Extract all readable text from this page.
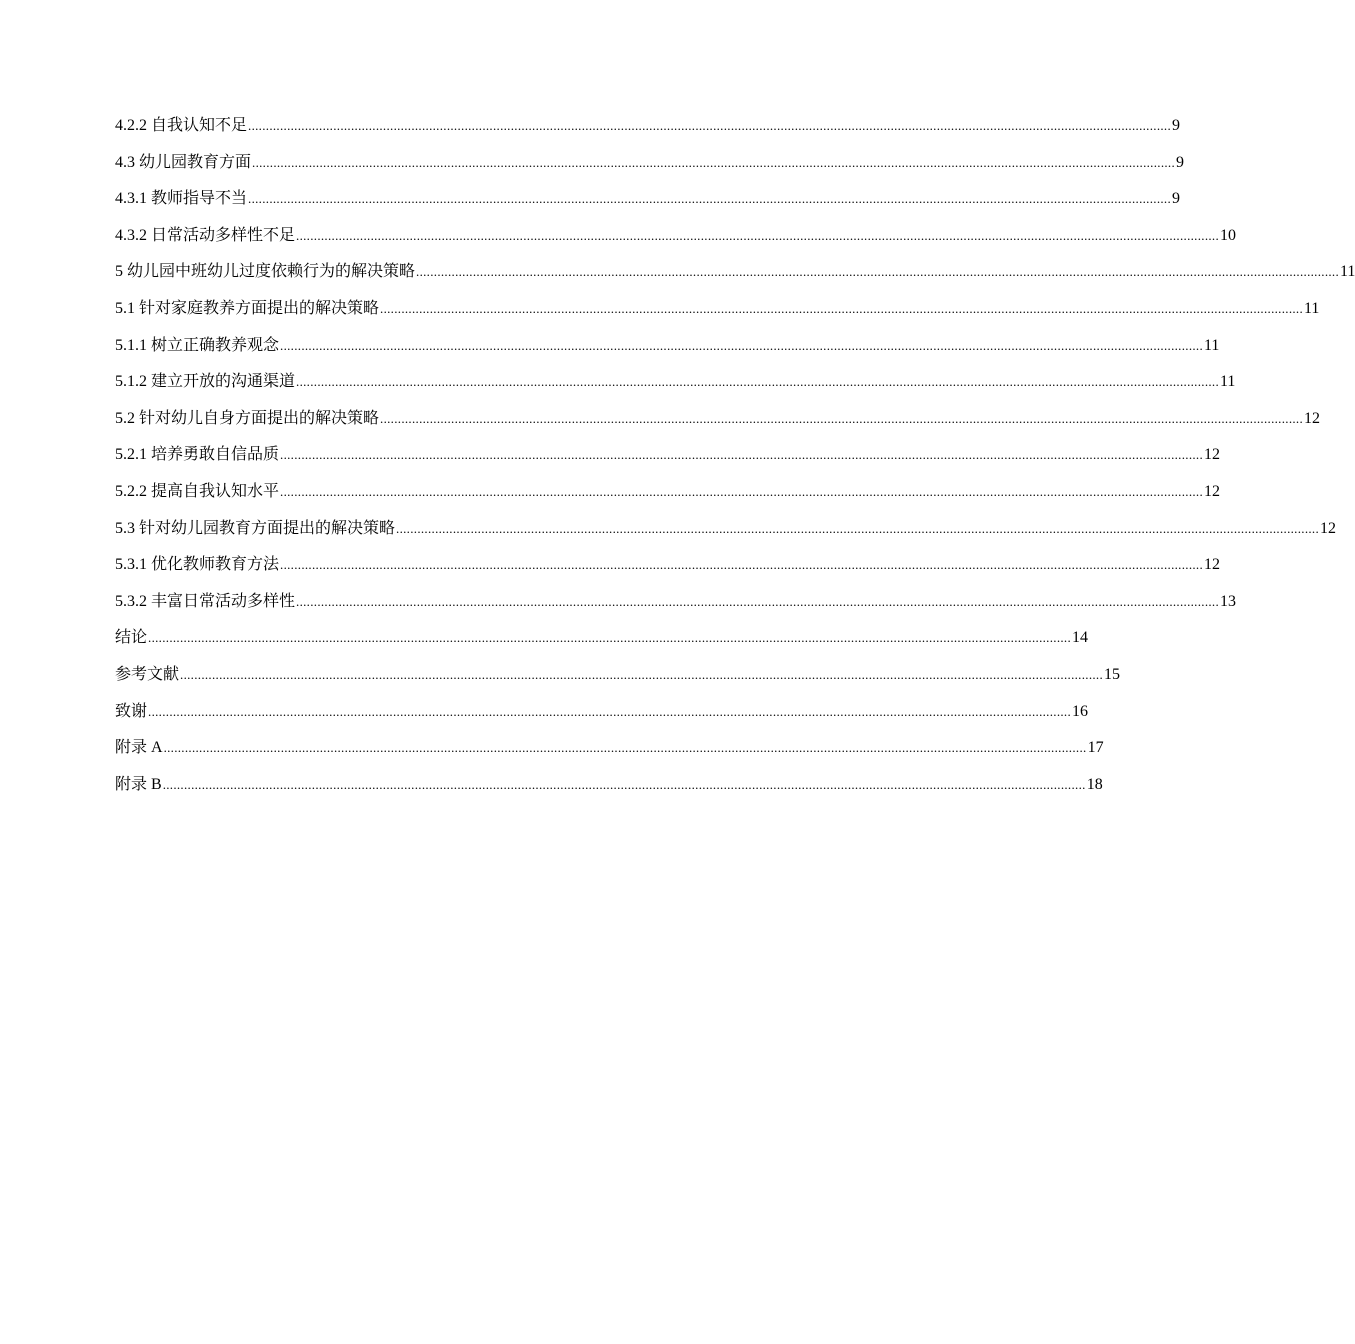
4.2.2 自我认知不足 .................................................................................................................................................................................................................................................................... 9
4.3 幼儿园教育方面 .................................................................................................................................................................................................................................................................... 9
4.3.1 教师指导不当 .................................................................................................................................................................................................................................................................... 9
4.3.2 日常活动多样性不足 .................................................................................................................................................................................................................................................................... 10
5 幼儿园中班幼儿过度依赖行为的解决策略 .................................................................................................................................................................................................................................................................... 11
5.1 针对家庭教养方面提出的解决策略 .................................................................................................................................................................................................................................................................... 11
5.1.1 树立正确教养观念 .................................................................................................................................................................................................................................................................... 11
5.1.2 建立开放的沟通渠道 .................................................................................................................................................................................................................................................................... 11
5.2 针对幼儿自身方面提出的解决策略 .................................................................................................................................................................................................................................................................... 12
5.2.1 培养勇敢自信品质 .................................................................................................................................................................................................................................................................... 12
5.2.2 提高自我认知水平 .................................................................................................................................................................................................................................................................... 12
5.3 针对幼儿园教育方面提出的解决策略 .................................................................................................................................................................................................................................................................... 12
5.3.1 优化教师教育方法 .................................................................................................................................................................................................................................................................... 12
5.3.2 丰富日常活动多样性 .................................................................................................................................................................................................................................................................... 13
结论 .................................................................................................................................................................................................................................................................... 14
参考文献 .................................................................................................................................................................................................................................................................... 15
致谢 .................................................................................................................................................................................................................................................................... 16
附录 A .................................................................................................................................................................................................................................................................... 17
附录 B .................................................................................................................................................................................................................................................................... 18
